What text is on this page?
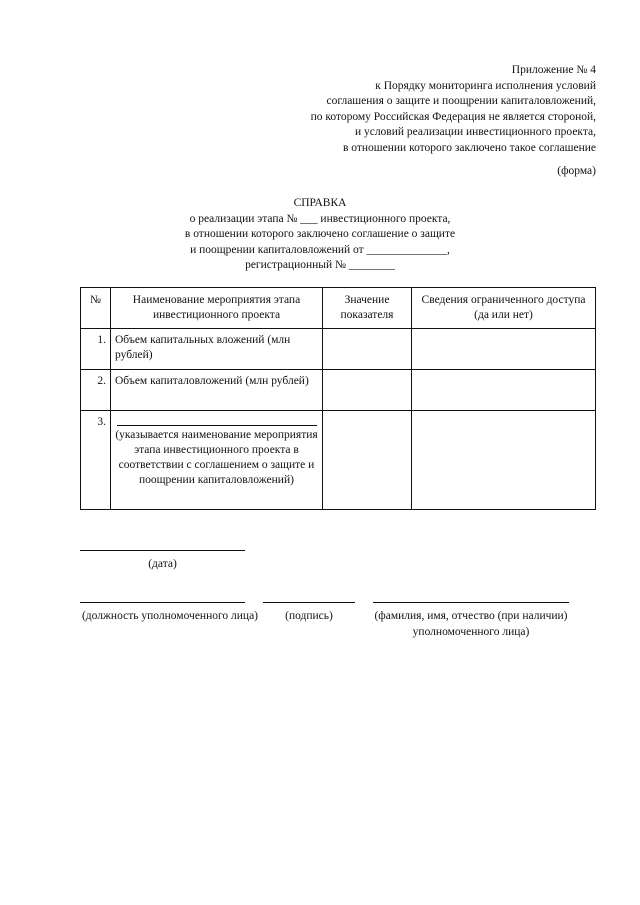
Приложение № 4
к Порядку мониторинга исполнения условий
соглашения о защите и поощрении капиталовложений,
по которому Российская Федерация не является стороной,
и условий реализации инвестиционного проекта,
в отношении которого заключено такое соглашение
(форма)
СПРАВКА
о реализации этапа № ___ инвестиционного проекта,
в отношении которого заключено соглашение о защите
и поощрении капиталовложений от ______________,
регистрационный № ________
№	Наименование мероприятия этапа инвестиционного проекта	Значение показателя	Сведения ограниченного доступа (да или нет)
1.	Объем капитальных вложений (млн рублей)		
2.	Объем капиталовложений (млн рублей)		
3.	(указывается наименование мероприятия этапа инвестиционного проекта в соответствии с соглашением о защите и поощрении капиталовложений)		
(дата)
(должность уполномоченного лица)	(подпись)	(фамилия, имя, отчество (при наличии) уполномоченного лица)
